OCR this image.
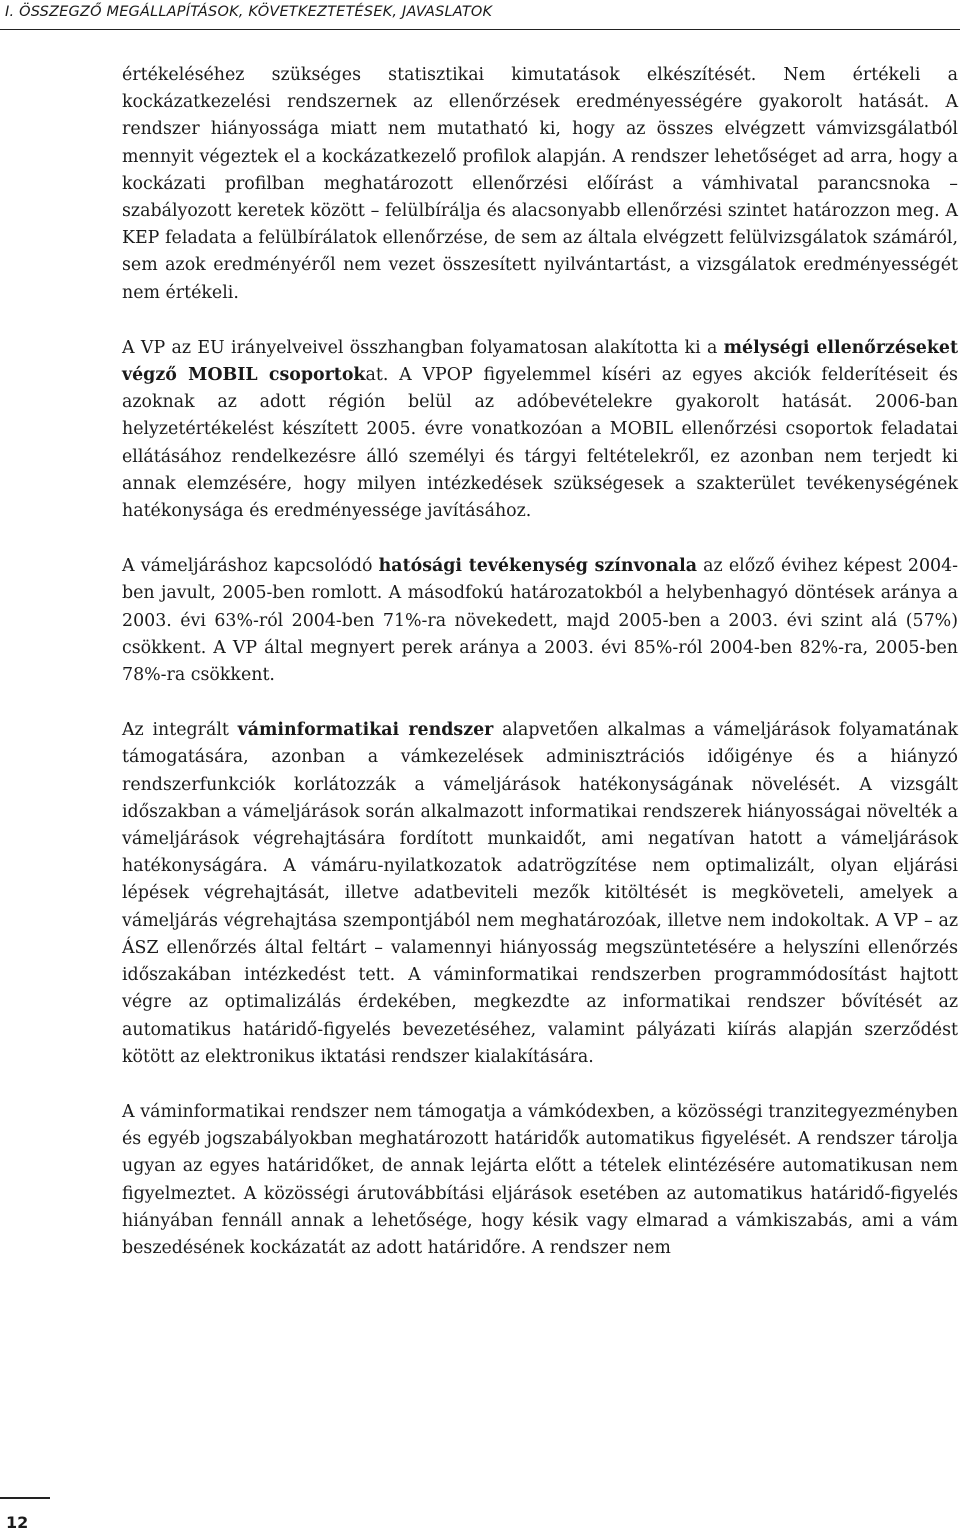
I. ÖSSZEGZŐ MEGÁLLAPÍTÁSOK, KÖVETKEZTETÉSEK, JAVASLATOK

értékeléséhez szükséges statisztikai kimutatások elkészítését. Nem értékeli a kockázatkezelési rendszernek az ellenőrzések eredményességére gyakorolt hatását. A rendszer hiányossága miatt nem mutatható ki, hogy az összes elvégzett vámvizsgálatból mennyit végeztek el a kockázatkezelő profilok alapján. A rendszer lehetőséget ad arra, hogy a kockázati profilban meghatározott ellenőrzési előírást a vámhivatal parancsnoka – szabályozott keretek között – felülbírálja és alacsonyabb ellenőrzési szintet határozzon meg. A KEP feladata a felülbírálatok ellenőrzése, de sem az általa elvégzett felülvizsgálatok számáról, sem azok eredményéről nem vezet összesített nyilvántartást, a vizsgálatok eredményességét nem értékeli.

A VP az EU irányelveivel összhangban folyamatosan alakította ki a mélységi ellenőrzéseket végző MOBIL csoportokat. A VPOP figyelemmel kíséri az egyes akciók felderítéseit és azoknak az adott régión belül az adóbevételekre gyakorolt hatását. 2006-ban helyzetértékelést készített 2005. évre vonatkozóan a MOBIL ellenőrzési csoportok feladatai ellátásához rendelkezésre álló személyi és tárgyi feltételekről, ez azonban nem terjedt ki annak elemzésére, hogy milyen intézkedések szükségesek a szakterület tevékenységének hatékonysága és eredményessége javításához.

A vámeljáráshoz kapcsolódó hatósági tevékenység színvonala az előző évihez képest 2004-ben javult, 2005-ben romlott. A másodfokú határozatokból a helybenhagyó döntések aránya a 2003. évi 63%-ról 2004-ben 71%-ra növekedett, majd 2005-ben a 2003. évi szint alá (57%) csökkent. A VP által megnyert perek aránya a 2003. évi 85%-ról 2004-ben 82%-ra, 2005-ben 78%-ra csökkent.

Az integrált váminformatikai rendszer alapvetően alkalmas a vámeljárások folyamatának támogatására, azonban a vámkezelések adminisztrációs időigénye és a hiányzó rendszerfunkciók korlátozzák a vámeljárások hatékonyságának növelését. A vizsgált időszakban a vámeljárások során alkalmazott informatikai rendszerek hiányosságai növelték a vámeljárások végrehajtására fordított munkaidőt, ami negatívan hatott a vámeljárások hatékonyságára. A vámáru-nyilatkozatok adatrögzítése nem optimalizált, olyan eljárási lépések végrehajtását, illetve adatbeviteli mezők kitöltését is megköveteli, amelyek a vámeljárás végrehajtása szempontjából nem meghatározóak, illetve nem indokoltak. A VP – az ÁSZ ellenőrzés által feltárt – valamennyi hiányosság megszüntetésére a helyszíni ellenőrzés időszakában intézkedést tett. A váminformatikai rendszerben programmódosítást hajtott végre az optimalizálás érdekében, megkezdte az informatikai rendszer bővítését az automatikus határidő-figyelés bevezetéséhez, valamint pályázati kiírás alapján szerződést kötött az elektronikus iktatási rendszer kialakítására.

A váminformatikai rendszer nem támogatja a vámkódexben, a közösségi tranzitegyezményben és egyéb jogszabályokban meghatározott határidők automatikus figyelését. A rendszer tárolja ugyan az egyes határidőket, de annak lejárta előtt a tételek elintézésére automatikusan nem figyelmeztet. A közösségi árutovábbítási eljárások esetében az automatikus határidő-figyelés hiányában fennáll annak a lehetősége, hogy késik vagy elmarad a vámkiszabás, ami a vám beszedésének kockázatát az adott határidőre. A rendszer nem

12
